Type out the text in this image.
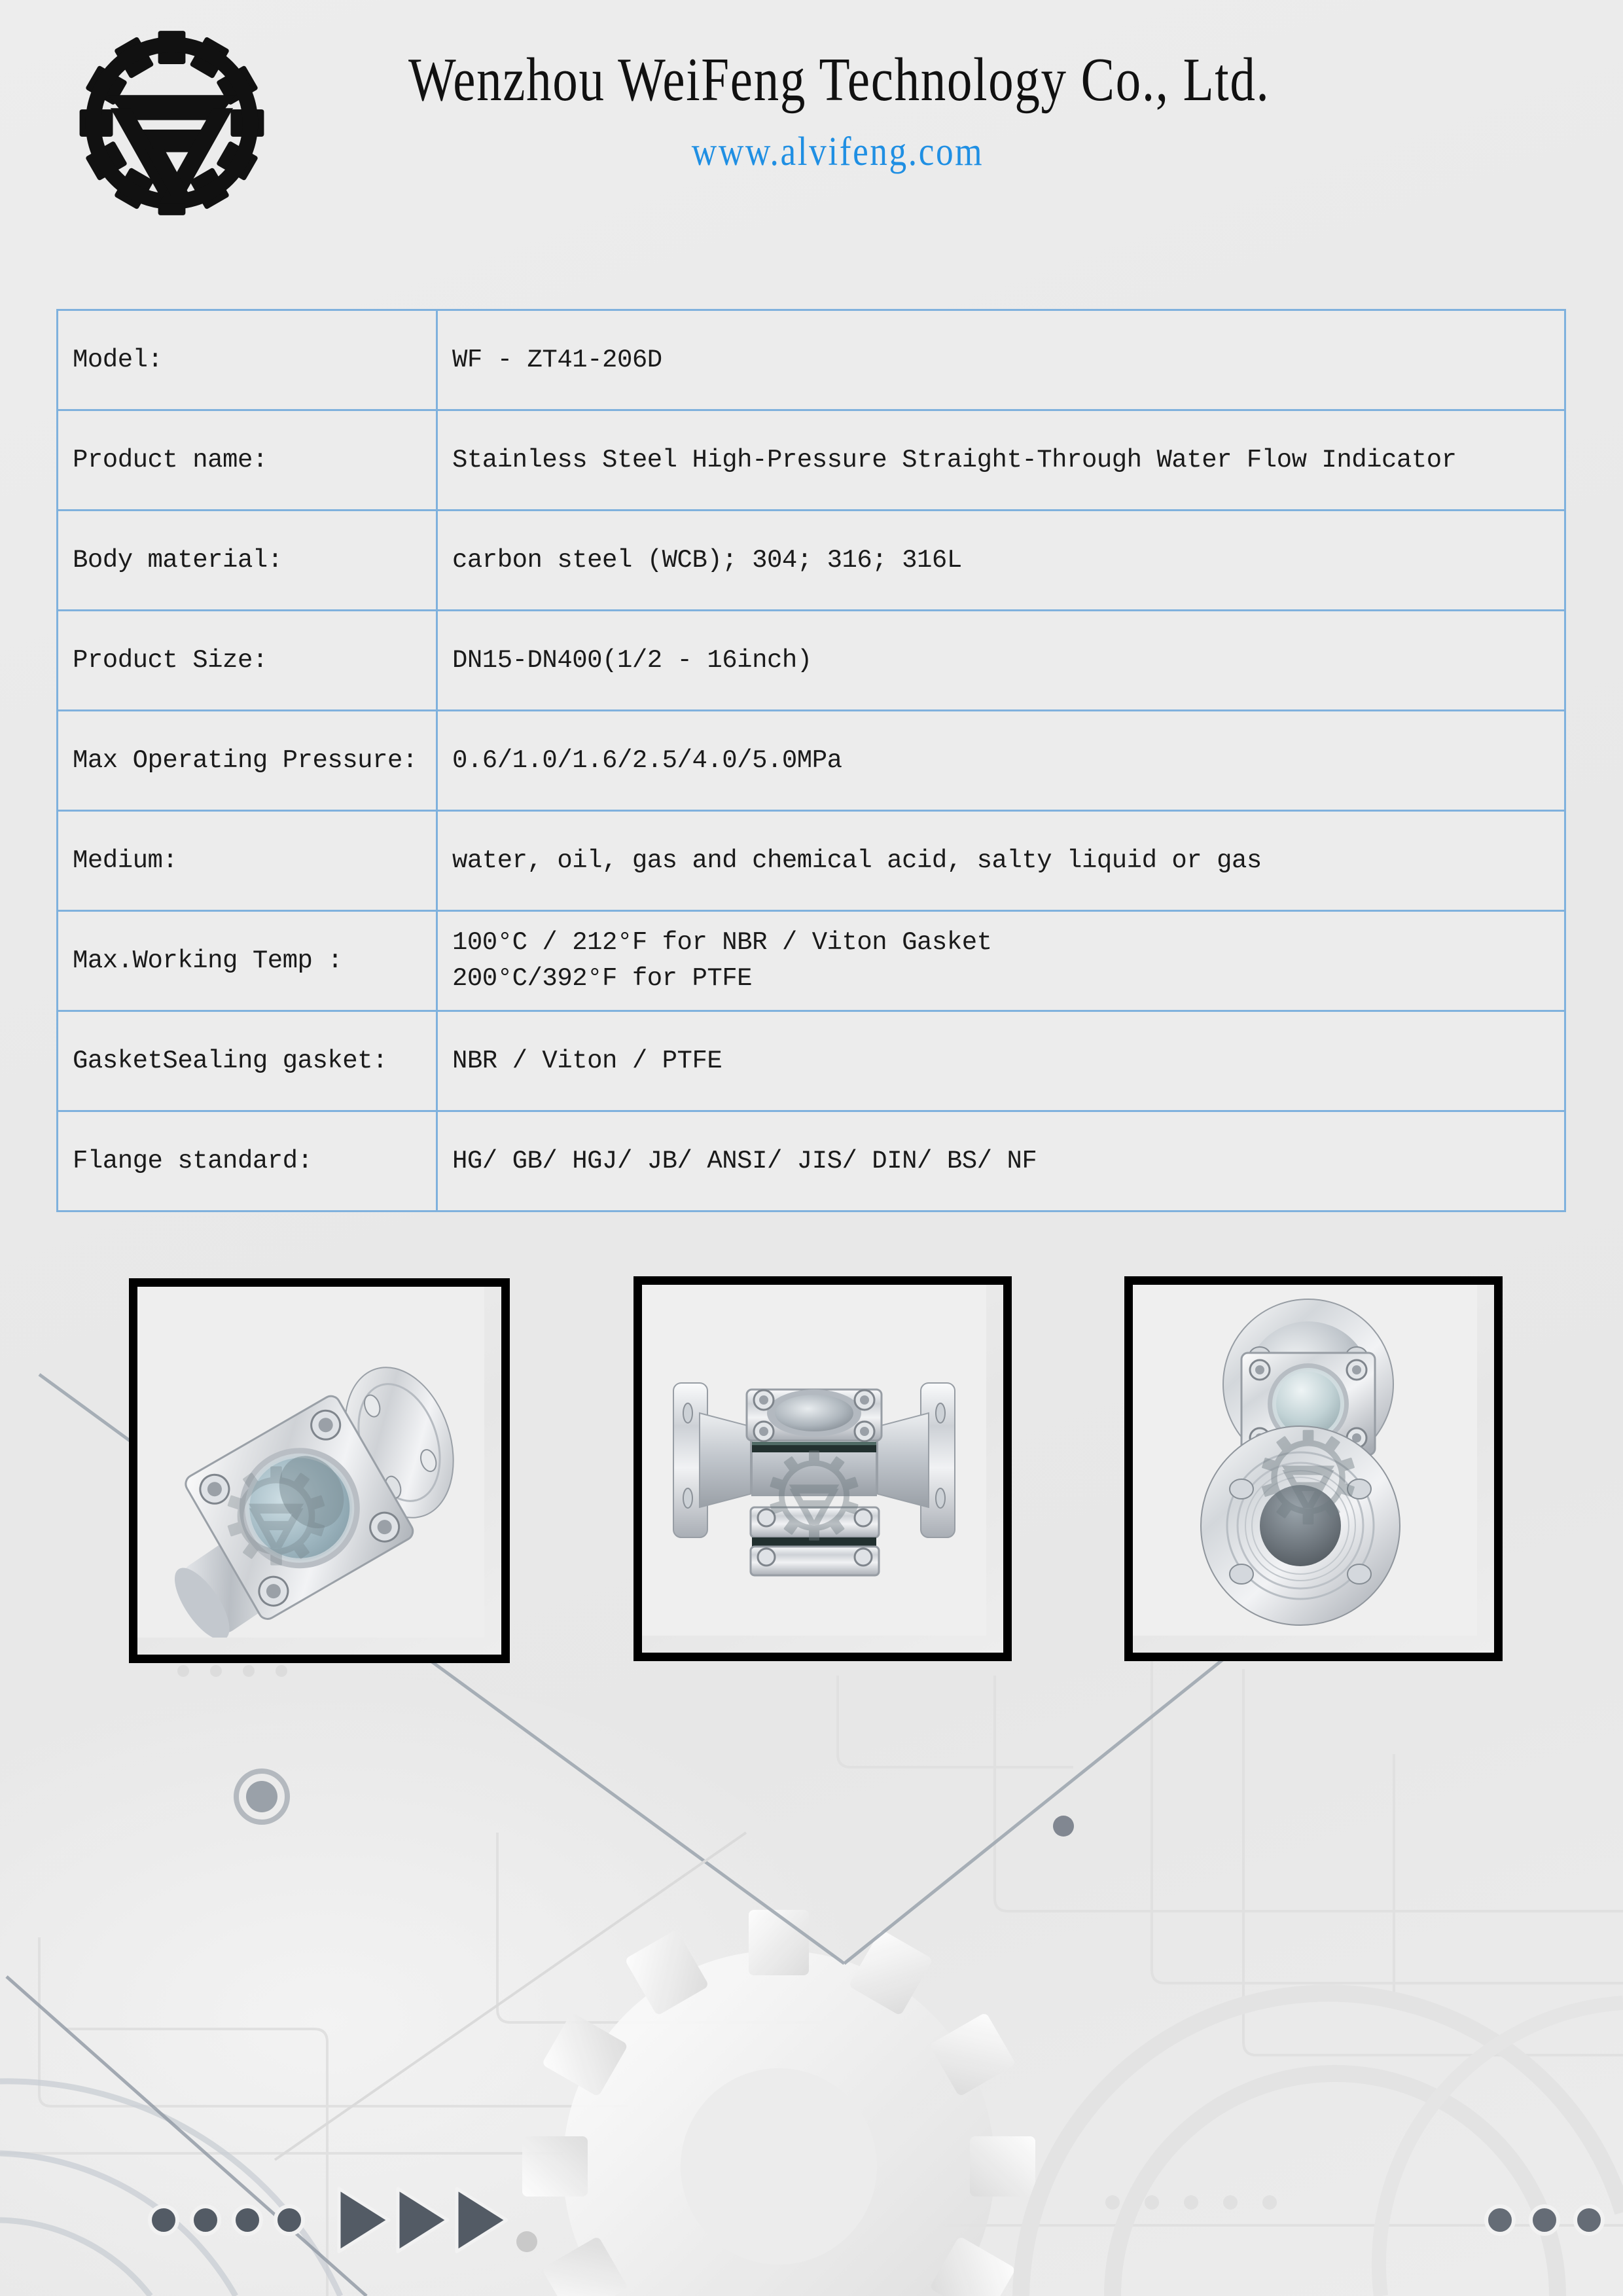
Wenzhou WeiFeng Technology Co., Ltd.
www.alvifeng.com
Model:	WF - ZT41-206D
Product name:	Stainless Steel High-Pressure Straight-Through Water Flow Indicator
Body material:	carbon steel (WCB); 304; 316; 316L
Product Size:	DN15-DN400(1/2 - 16inch)
Max Operating Pressure:	0.6/1.0/1.6/2.5/4.0/5.0MPa
Medium:	water, oil, gas and chemical acid, salty liquid or gas
Max.Working Temp :	100°C / 212°F for NBR / Viton Gasket
200°C/392°F for PTFE

GasketSealing gasket:	NBR / Viton / PTFE
Flange standard:	HG/ GB/ HGJ/ JB/ ANSI/ JIS/ DIN/ BS/ NF
